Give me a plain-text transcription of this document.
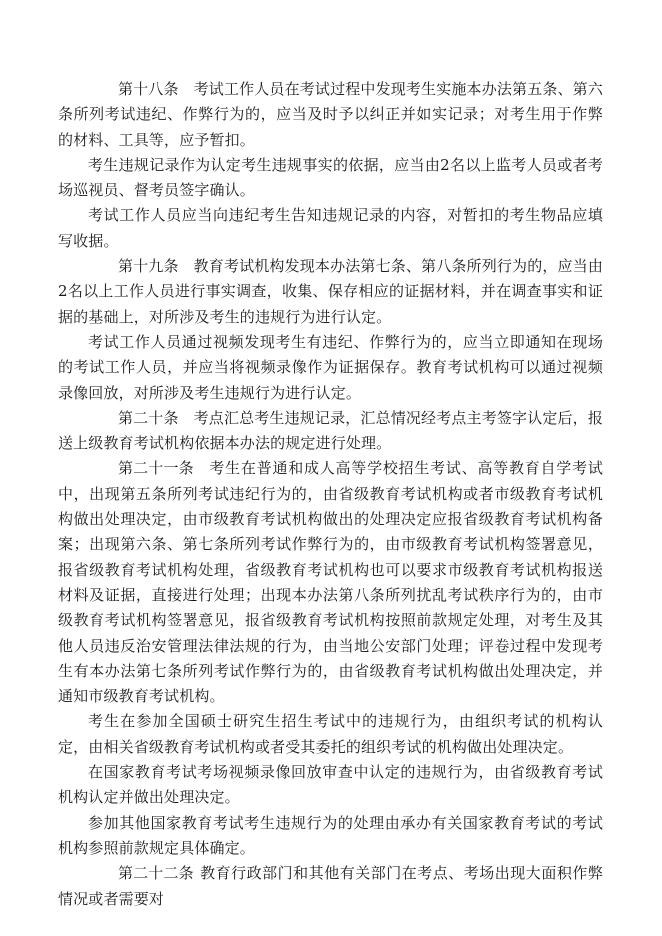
第十八条 考试工作人员在考试过程中发现考生实施本办法第五条、第六条所列考试违纪、作弊行为的，应当及时予以纠正并如实记录；对考生用于作弊的材料、工具等，应予暂扣。

考生违规记录作为认定考生违规事实的依据，应当由2名以上监考人员或者考场巡视员、督考员签字确认。

考试工作人员应当向违纪考生告知违规记录的内容，对暂扣的考生物品应填写收据。

第十九条 教育考试机构发现本办法第七条、第八条所列行为的，应当由2名以上工作人员进行事实调查，收集、保存相应的证据材料，并在调查事实和证据的基础上，对所涉及考生的违规行为进行认定。

考试工作人员通过视频发现考生有违纪、作弊行为的，应当立即通知在现场的考试工作人员，并应当将视频录像作为证据保存。教育考试机构可以通过视频录像回放，对所涉及考生违规行为进行认定。

第二十条 考点汇总考生违规记录，汇总情况经考点主考签字认定后，报送上级教育考试机构依据本办法的规定进行处理。

第二十一条 考生在普通和成人高等学校招生考试、高等教育自学考试中，出现第五条所列考试违纪行为的，由省级教育考试机构或者市级教育考试机构做出处理决定，由市级教育考试机构做出的处理决定应报省级教育考试机构备案；出现第六条、第七条所列考试作弊行为的，由市级教育考试机构签署意见，报省级教育考试机构处理，省级教育考试机构也可以要求市级教育考试机构报送材料及证据，直接进行处理；出现本办法第八条所列扰乱考试秩序行为的，由市级教育考试机构签署意见，报省级教育考试机构按照前款规定处理，对考生及其他人员违反治安管理法律法规的行为，由当地公安部门处理；评卷过程中发现考生有本办法第七条所列考试作弊行为的，由省级教育考试机构做出处理决定，并通知市级教育考试机构。

考生在参加全国硕士研究生招生考试中的违规行为，由组织考试的机构认定，由相关省级教育考试机构或者受其委托的组织考试的机构做出处理决定。

在国家教育考试考场视频录像回放审查中认定的违规行为，由省级教育考试机构认定并做出处理决定。

参加其他国家教育考试考生违规行为的处理由承办有关国家教育考试的考试机构参照前款规定具体确定。

第二十二条 教育行政部门和其他有关部门在考点、考场出现大面积作弊情况或者需要对
